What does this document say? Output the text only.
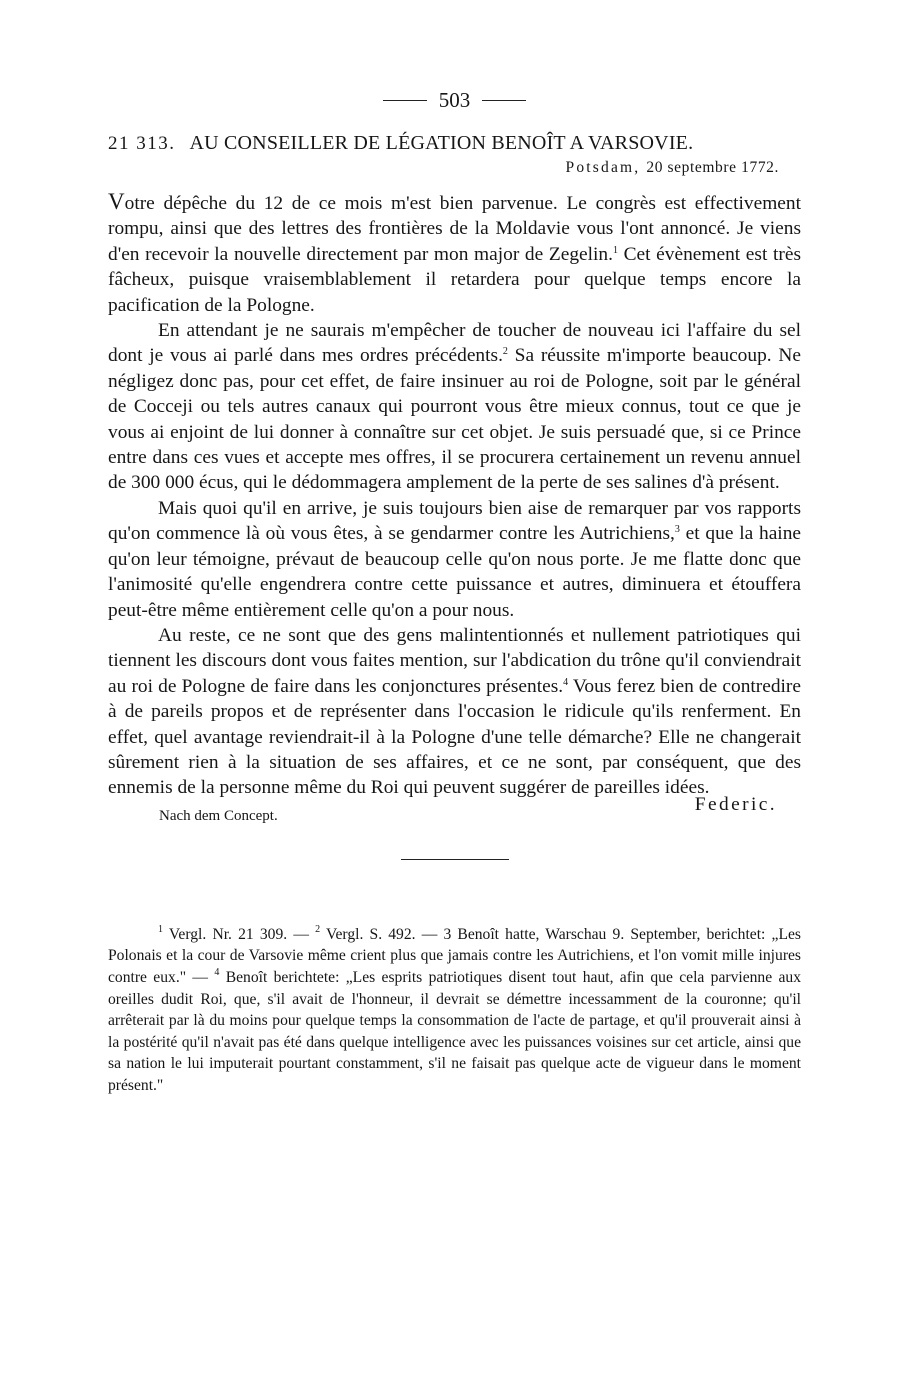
503
21 313. AU CONSEILLER DE LÉGATION BENOÎT A VARSOVIE.
Potsdam, 20 septembre 1772.

Votre dépêche du 12 de ce mois m'est bien parvenue. Le congrès est effectivement rompu, ainsi que des lettres des frontières de la Moldavie vous l'ont annoncé. Je viens d'en recevoir la nouvelle directement par mon major de Zegelin.$^1$ Cet évènement est très fâcheux, puisque vraisemblablement il retardera pour quelque temps encore la pacification de la Pologne.

En attendant je ne saurais m'empêcher de toucher de nouveau ici l'affaire du sel dont je vous ai parlé dans mes ordres précédents.$^2$ Sa réussite m'importe beaucoup. Ne négligez donc pas, pour cet effet, de faire insinuer au roi de Pologne, soit par le général de Cocceji ou tels autres canaux qui pourront vous être mieux connus, tout ce que je vous ai enjoint de lui donner à connaître sur cet objet. Je suis persuadé que, si ce Prince entre dans ces vues et accepte mes offres, il se procurera certainement un revenu annuel de 300 000 écus, qui le dédommagera amplement de la perte de ses salines d'à présent.

Mais quoi qu'il en arrive, je suis toujours bien aise de remarquer par vos rapports qu'on commence là où vous êtes, à se gendarmer contre les Autrichiens,$^3$ et que la haine qu'on leur témoigne, prévaut de beaucoup celle qu'on nous porte. Je me flatte donc que l'animosité qu'elle engendrera contre cette puissance et autres, diminuera et étouffera peut-être même entièrement celle qu'on a pour nous.

Au reste, ce ne sont que des gens malintentionnés et nullement patriotiques qui tiennent les discours dont vous faites mention, sur l'abdication du trône qu'il conviendrait au roi de Pologne de faire dans les conjonctures présentes.$^4$ Vous ferez bien de contredire à de pareils propos et de représenter dans l'occasion le ridicule qu'ils renferment. En effet, quel avantage reviendrait-il à la Pologne d'une telle démarche? Elle ne changerait sûrement rien à la situation de ses affaires, et ce ne sont, par conséquent, que des ennemis de la personne même du Roi qui peuvent suggérer de pareilles idées.

Federic.
Nach dem Concept.

$^1$ Vergl. Nr. 21 309. — $^2$ Vergl. S. 492. — 3 Benoît hatte, Warschau 9. September, berichtet: „Les Polonais et la cour de Varsovie même crient plus que jamais contre les Autrichiens, et l'on vomit mille injures contre eux." — $^4$ Benoît berichtete: „Les esprits patriotiques disent tout haut, afin que cela parvienne aux oreilles dudit Roi, que, s'il avait de l'honneur, il devrait se démettre incessamment de la couronne; qu'il arrêterait par là du moins pour quelque temps la consommation de l'acte de partage, et qu'il prouverait ainsi à la postérité qu'il n'avait pas été dans quelque intelligence avec les puissances voisines sur cet article, ainsi que sa nation le lui imputerait pourtant constamment, s'il ne faisait pas quelque acte de vigueur dans le moment présent."
